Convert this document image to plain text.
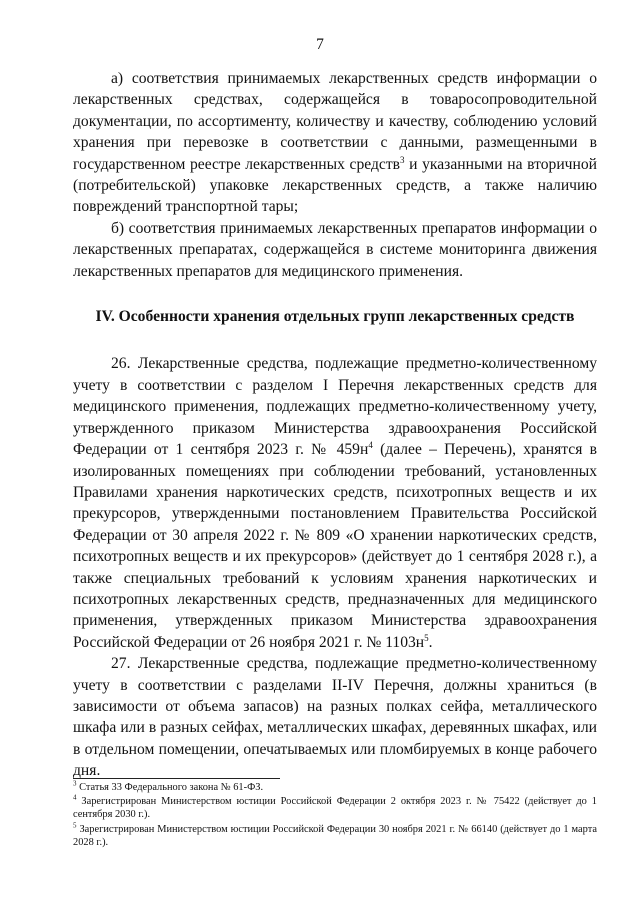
7

а) соответствия принимаемых лекарственных средств информации о лекарственных средствах, содержащейся в товаросопроводительной документации, по ассортименту, количеству и качеству, соблюдению условий хранения при перевозке в соответствии с данными, размещенными в государственном реестре лекарственных средств$^3$ и указанными на вторичной (потребительской) упаковке лекарственных средств, а также наличию повреждений транспортной тары;

б) соответствия принимаемых лекарственных препаратов информации о лекарственных препаратах, содержащейся в системе мониторинга движения лекарственных препаратов для медицинского применения.

IV. Особенности хранения отдельных групп лекарственных средств

26. Лекарственные средства, подлежащие предметно-количественному учету в соответствии с разделом I Перечня лекарственных средств для медицинского применения, подлежащих предметно-количественному учету, утвержденного приказом Министерства здравоохранения Российской Федерации от 1 сентября 2023 г. № $459н^4$ (далее – Перечень), хранятся в изолированных помещениях при соблюдении требований, установленных Правилами хранения наркотических средств, психотропных веществ и их прекурсоров, утвержденными постановлением Правительства Российской Федерации от 30 апреля 2022 г. № 809 «О хранении наркотических средств, психотропных веществ и их прекурсоров» (действует до 1 сентября 2028 г.), а также специальных требований к условиям хранения наркотических и психотропных лекарственных средств, предназначенных для медицинского применения, утвержденных приказом Министерства здравоохранения Российской Федерации от 26 ноября 2021 г. № $1103н^5$.

27. Лекарственные средства, подлежащие предметно-количественному учету в соответствии с разделами II-IV Перечня, должны храниться (в зависимости от объема запасов) на разных полках сейфа, металлического шкафа или в разных сейфах, металлических шкафах, деревянных шкафах, или в отдельном помещении, опечатываемых или пломбируемых в конце рабочего дня.

$^3$ Статья 33 Федерального закона № 61-ФЗ.

$^4$ Зарегистрирован Министерством юстиции Российской Федерации 2 октября 2023 г. № 75422 (действует до 1 сентября 2030 г.).

$^5$ Зарегистрирован Министерством юстиции Российской Федерации 30 ноября 2021 г. № 66140 (действует до 1 марта 2028 г.).
